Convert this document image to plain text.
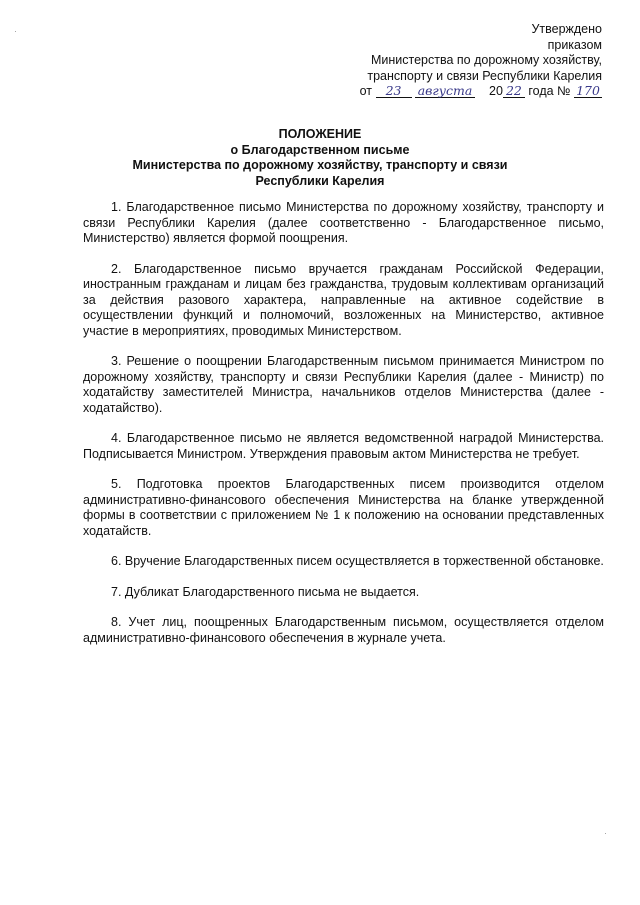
Утверждено
приказом
Министерства по дорожному хозяйству,
транспорту и связи Республики Карелия
от 23 августа 20 22 года № 170
ПОЛОЖЕНИЕ
о Благодарственном письме
Министерства по дорожному хозяйству, транспорту и связи
Республики Карелия

1. Благодарственное письмо Министерства по дорожному хозяйству, транспорту и связи Республики Карелия (далее соответственно - Благодарственное письмо, Министерство) является формой поощрения.

2. Благодарственное письмо вручается гражданам Российской Федерации, иностранным гражданам и лицам без гражданства, трудовым коллективам организаций за действия разового характера, направленные на активное содействие в осуществлении функций и полномочий, возложенных на Министерство, активное участие в мероприятиях, проводимых Министерством.

3. Решение о поощрении Благодарственным письмом принимается Министром по дорожному хозяйству, транспорту и связи Республики Карелия (далее - Министр) по ходатайству заместителей Министра, начальников отделов Министерства (далее - ходатайство).

4. Благодарственное письмо не является ведомственной наградой Министерства. Подписывается Министром. Утверждения правовым актом Министерства не требует.

5. Подготовка проектов Благодарственных писем производится отделом административно-финансового обеспечения Министерства на бланке утвержденной формы в соответствии с приложением № 1 к положению на основании представленных ходатайств.

6. Вручение Благодарственных писем осуществляется в торжественной обстановке.

7. Дубликат Благодарственного письма не выдается.

8. Учет лиц, поощренных Благодарственным письмом, осуществляется отделом административно-финансового обеспечения в журнале учета.

·
·
